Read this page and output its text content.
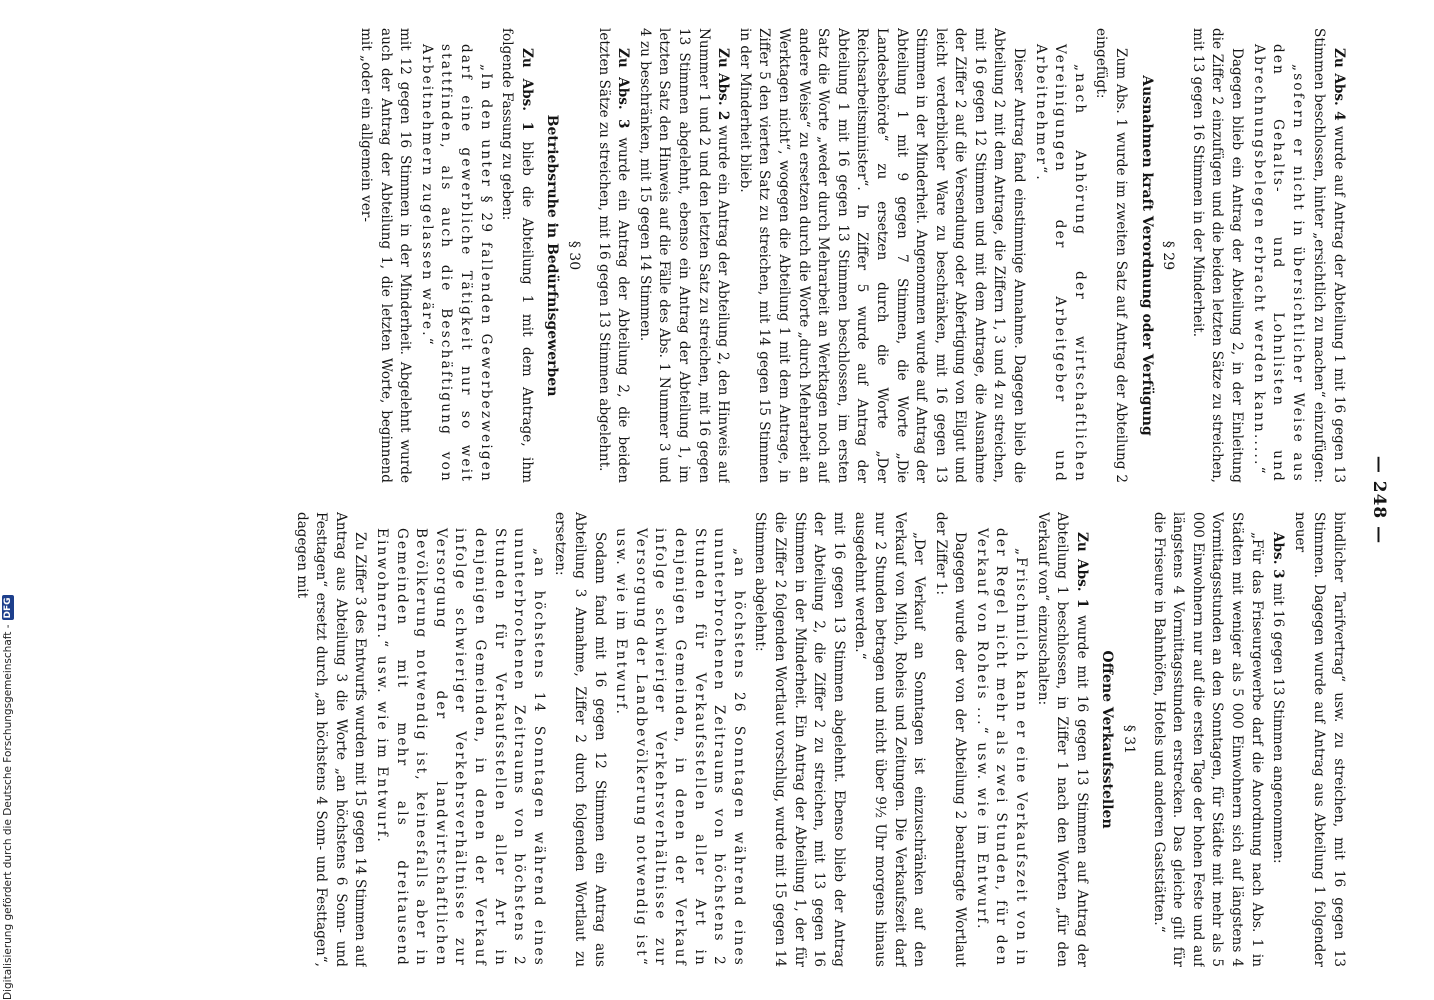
— 248 —

Zu Abs. 4 wurde auf Antrag der Abteilung 1 mit 16 gegen 13 Stimmen beschlossen, hinter „ersichtlich zu machen“ einzufügen:

„sofern er nicht in übersichtlicher Weise aus den Gehalts- und Lohnlisten und Abrechnungsbelegen erbracht werden kann.....“

Dagegen blieb ein Antrag der Abteilung 2, in der Einleitung die Ziffer 2 einzufügen und die beiden letzten Sätze zu streichen, mit 13 gegen 16 Stimmen in der Minderheit.

§ 29
Ausnahmen kraft Verordnung oder Verfügung

Zum Abs. 1 wurde im zweiten Satz auf Antrag der Abteilung 2 eingefügt:

„nach Anhörung der wirtschaftlichen Vereinigungen der Arbeitgeber und Arbeitnehmer“.

Dieser Antrag fand einstimmige Annahme. Dagegen blieb die Abteilung 2 mit dem Antrage, die Ziffern 1, 3 und 4 zu streichen, mit 16 gegen 12 Stimmen und mit dem Antrage, die Ausnahme der Ziffer 2 auf die Versendung oder Abfertigung von Eilgut und leicht verderblicher Ware zu beschränken, mit 16 gegen 13 Stimmen in der Minderheit. Angenommen wurde auf Antrag der Abteilung 1 mit 9 gegen 7 Stimmen, die Worte „Die Landesbehörde“ zu ersetzen durch die Worte „Der Reichsarbeitsminister“. In Ziffer 5 wurde auf Antrag der Abteilung 1 mit 16 gegen 13 Stimmen beschlossen, im ersten Satz die Worte „weder durch Mehrarbeit an Werktagen noch auf andere Weise“ zu ersetzen durch die Worte „durch Mehrarbeit an Werktagen nicht“, wogegen die Abteilung 1 mit dem Antrage, in Ziffer 5 den vierten Satz zu streichen, mit 14 gegen 15 Stimmen in der Minderheit blieb.

Zu Abs. 2 wurde ein Antrag der Abteilung 2, den Hinweis auf Nummer 1 und 2 und den letzten Satz zu streichen, mit 16 gegen 13 Stimmen abgelehnt, ebenso ein Antrag der Abteilung 1, im letzten Satz den Hinweis auf die Fälle des Abs. 1 Nummer 3 und 4 zu beschränken, mit 15 gegen 14 Stimmen.

Zu Abs. 3 wurde ein Antrag der Abteilung 2, die beiden letzten Sätze zu streichen, mit 16 gegen 13 Stimmen abgelehnt.

§ 30
Betriebsruhe in Bedürfnisgewerben

Zu Abs. 1 blieb die Abteilung 1 mit dem Antrage, ihm folgende Fassung zu geben:

„In den unter § 29 fallenden Gewerbezweigen darf eine gewerbliche Tätigkeit nur so weit stattfinden, als auch die Beschäftigung von Arbeitnehmern zugelassen wäre.“

mit 12 gegen 16 Stimmen in der Minderheit. Abgelehnt wurde auch der Antrag der Abteilung 1, die letzten Worte, beginnend mit „oder ein allgemein ver-

bindlicher Tarifvertrag“ usw. zu streichen, mit 16 gegen 13 Stimmen. Dagegen wurde auf Antrag aus Abteilung 1 folgender neuer

Abs. 3 mit 16 gegen 13 Stimmen angenommen:

„Für das Friseurgewerbe darf die Anordnung nach Abs. 1 in Städten mit weniger als 5 000 Einwohnern sich auf längstens 4 Vormittagsstunden an den Sonntagen, für Städte mit mehr als 5 000 Einwohnern nur auf die ersten Tage der hohen Feste und auf längstens 4 Vormittagsstunden erstrecken. Das gleiche gilt für die Friseure in Bahnhöfen, Hotels und anderen Gaststätten.“

§ 31
Offene Verkaufsstellen

Zu Abs. 1 wurde mit 16 gegen 13 Stimmen auf Antrag der Abteilung 1 beschlossen, in Ziffer 1 nach den Worten „für den Verkauf von“ einzuschalten:

„Frischmilch kann er eine Verkaufszeit von in der Regel nicht mehr als zwei Stunden, für den Verkauf von Roheis ...“ usw. wie im Entwurf.

Dagegen wurde der von der Abteilung 2 beantragte Wortlaut der Ziffer 1:

„Der Verkauf an Sonntagen ist einzuschränken auf den Verkauf von Milch, Roheis und Zeitungen. Die Verkaufszeit darf nur 2 Stunden betragen und nicht über 9½ Uhr morgens hinaus ausgedehnt werden.“

mit 16 gegen 13 Stimmen abgelehnt. Ebenso blieb der Antrag der Abteilung 2, die Ziffer 2 zu streichen, mit 13 gegen 16 Stimmen in der Minderheit. Ein Antrag der Abteilung 1, der für die Ziffer 2 folgenden Wortlaut vorschlug, wurde mit 15 gegen 14 Stimmen abgelehnt:

„an höchstens 26 Sonntagen während eines ununterbrochenen Zeitraums von höchstens 2 Stunden für Verkaufsstellen aller Art in denjenigen Gemeinden, in denen der Verkauf infolge schwieriger Verkehrsverhältnisse zur Versorgung der Landbevölkerung notwendig ist“ usw. wie im Entwurf.

Sodann fand mit 16 gegen 12 Stimmen ein Antrag aus Abteilung 3 Annahme, Ziffer 2 durch folgenden Wortlaut zu ersetzen:

„an höchstens 14 Sonntagen während eines ununterbrochenen Zeitraums von höchstens 2 Stunden für Verkaufsstellen aller Art in denjenigen Gemeinden, in denen der Verkauf infolge schwieriger Verkehrsverhältnisse zur Versorgung der landwirtschaftlichen Bevölkerung notwendig ist, keinesfalls aber in Gemeinden mit mehr als dreitausend Einwohnern.“ usw. wie im Entwurf.

Zu Ziffer 3 des Entwurfs wurden mit 15 gegen 14 Stimmen auf Antrag aus Abteilung 3 die Worte „an höchstens 6 Sonn- und Festtagen“ ersetzt durch „an höchstens 4 Sonn- und Festtagen“, dagegen mit

Digitalisierung gefördert durch die Deutsche Forschungsgemeinschaft -DFG
